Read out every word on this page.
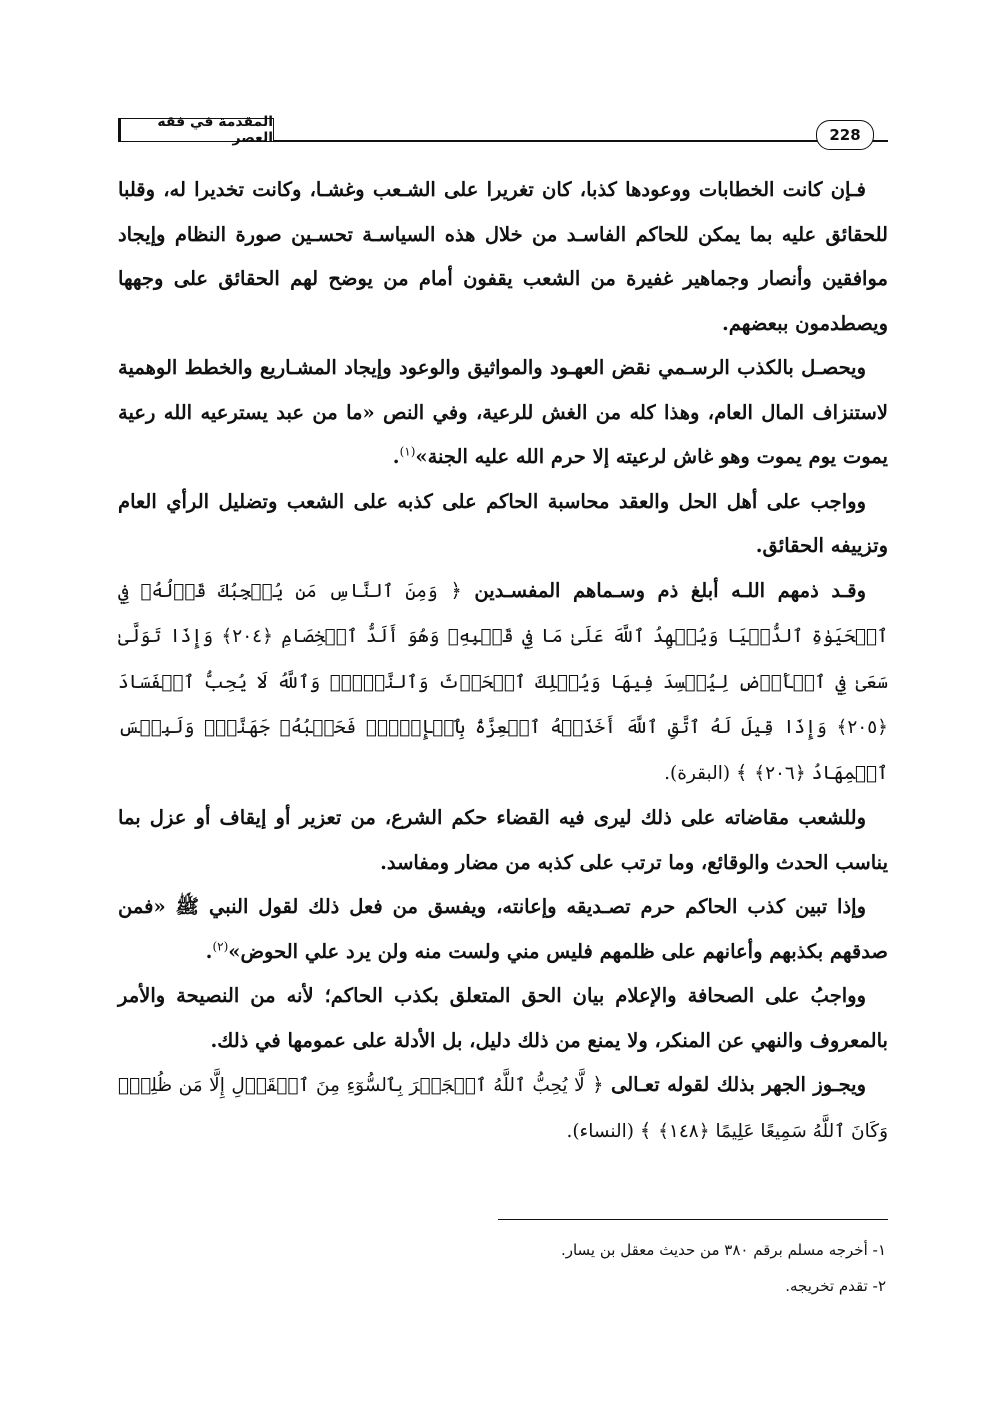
المقدمة في فقه العصر	228

فـإن كانت الخطابات ووعودها كذبا، كان تغريرا على الشـعب وغشـا، وكانت تخديرا له، وقلبا للحقائق عليه بما يمكن للحاكم الفاسـد من خلال هذه السياسـة تحسـين صورة النظام وإيجاد موافقين وأنصار وجماهير غفيرة من الشعب يقفون أمام من يوضح لهم الحقائق على وجهها ويصطدمون ببعضهم.

ويحصـل بالكذب الرسـمي نقض العهـود والمواثيق والوعود وإيجاد المشـاريع والخطط الوهمية لاستنزاف المال العام، وهذا كله من الغش للرعية، وفي النص «ما من عبد يسترعيه الله رعية يموت يوم يموت وهو غاش لرعيته إلا حرم الله عليه الجنة»$^{(١)}$.

وواجب على أهل الحل والعقد محاسبة الحاكم على كذبه على الشعب وتضليل الرأي العام وتزييفه الحقائق.

وقـد ذمهم اللـه أبلغ ذم وسـماهم المفسـدين ﴿ وَمِنَ ٱلنَّاسِ مَن يُعۡجِبُكَ قَوۡلُهُۥ فِي ٱلۡحَيَوٰةِ ٱلدُّنۡيَا وَيُشۡهِدُ ٱللَّهَ عَلَىٰ مَا فِي قَلۡبِهِۦ وَهُوَ أَلَدُّ ٱلۡخِصَامِ ﴿٢٠٤﴾ وَإِذَا تَوَلَّىٰ سَعَىٰ فِي ٱلۡأَرۡضِ لِيُفۡسِدَ فِيهَا وَيُهۡلِكَ ٱلۡحَرۡثَ وَٱلنَّسۡلَۚ وَٱللَّهُ لَا يُحِبُّ ٱلۡفَسَادَ ﴿٢٠٥﴾ وَإِذَا قِيلَ لَهُ ٱتَّقِ ٱللَّهَ أَخَذَتۡهُ ٱلۡعِزَّةُ بِٱلۡإِثۡمِۚ فَحَسۡبُهُۥ جَهَنَّمُۖ وَلَبِئۡسَ ٱلۡمِهَادُ ﴿٢٠٦﴾ ﴾ (البقرة).

وللشعب مقاضاته على ذلك ليرى فيه القضاء حكم الشرع، من تعزير أو إيقاف أو عزل بما يناسب الحدث والوقائع، وما ترتب على كذبه من مضار ومفاسد.

وإذا تبين كذب الحاكم حرم تصـديقه وإعانته، ويفسق من فعل ذلك لقول النبي ﷺ «فمن صدقهم بكذبهم وأعانهم على ظلمهم فليس مني ولست منه ولن يرد علي الحوض»$^{(٢)}$.

وواجبُ على الصحافة والإعلام بيان الحق المتعلق بكذب الحاكم؛ لأنه من النصيحة والأمر بالمعروف والنهي عن المنكر، ولا يمنع من ذلك دليل، بل الأدلة على عمومها في ذلك.

ويجـوز الجهر بذلك لقوله تعـالى ﴿ لَّا يُحِبُّ ٱللَّهُ ٱلۡجَهۡرَ بِٱلسُّوٓءِ مِنَ ٱلۡقَوۡلِ إِلَّا مَن ظُلِمَۚ وَكَانَ ٱللَّهُ سَمِيعًا عَلِيمًا ﴿١٤٨﴾ ﴾ (النساء).

١- أخرجه مسلم برقم ٣٨٠ من حديث معقل بن يسار.

٢- تقدم تخريجه.
